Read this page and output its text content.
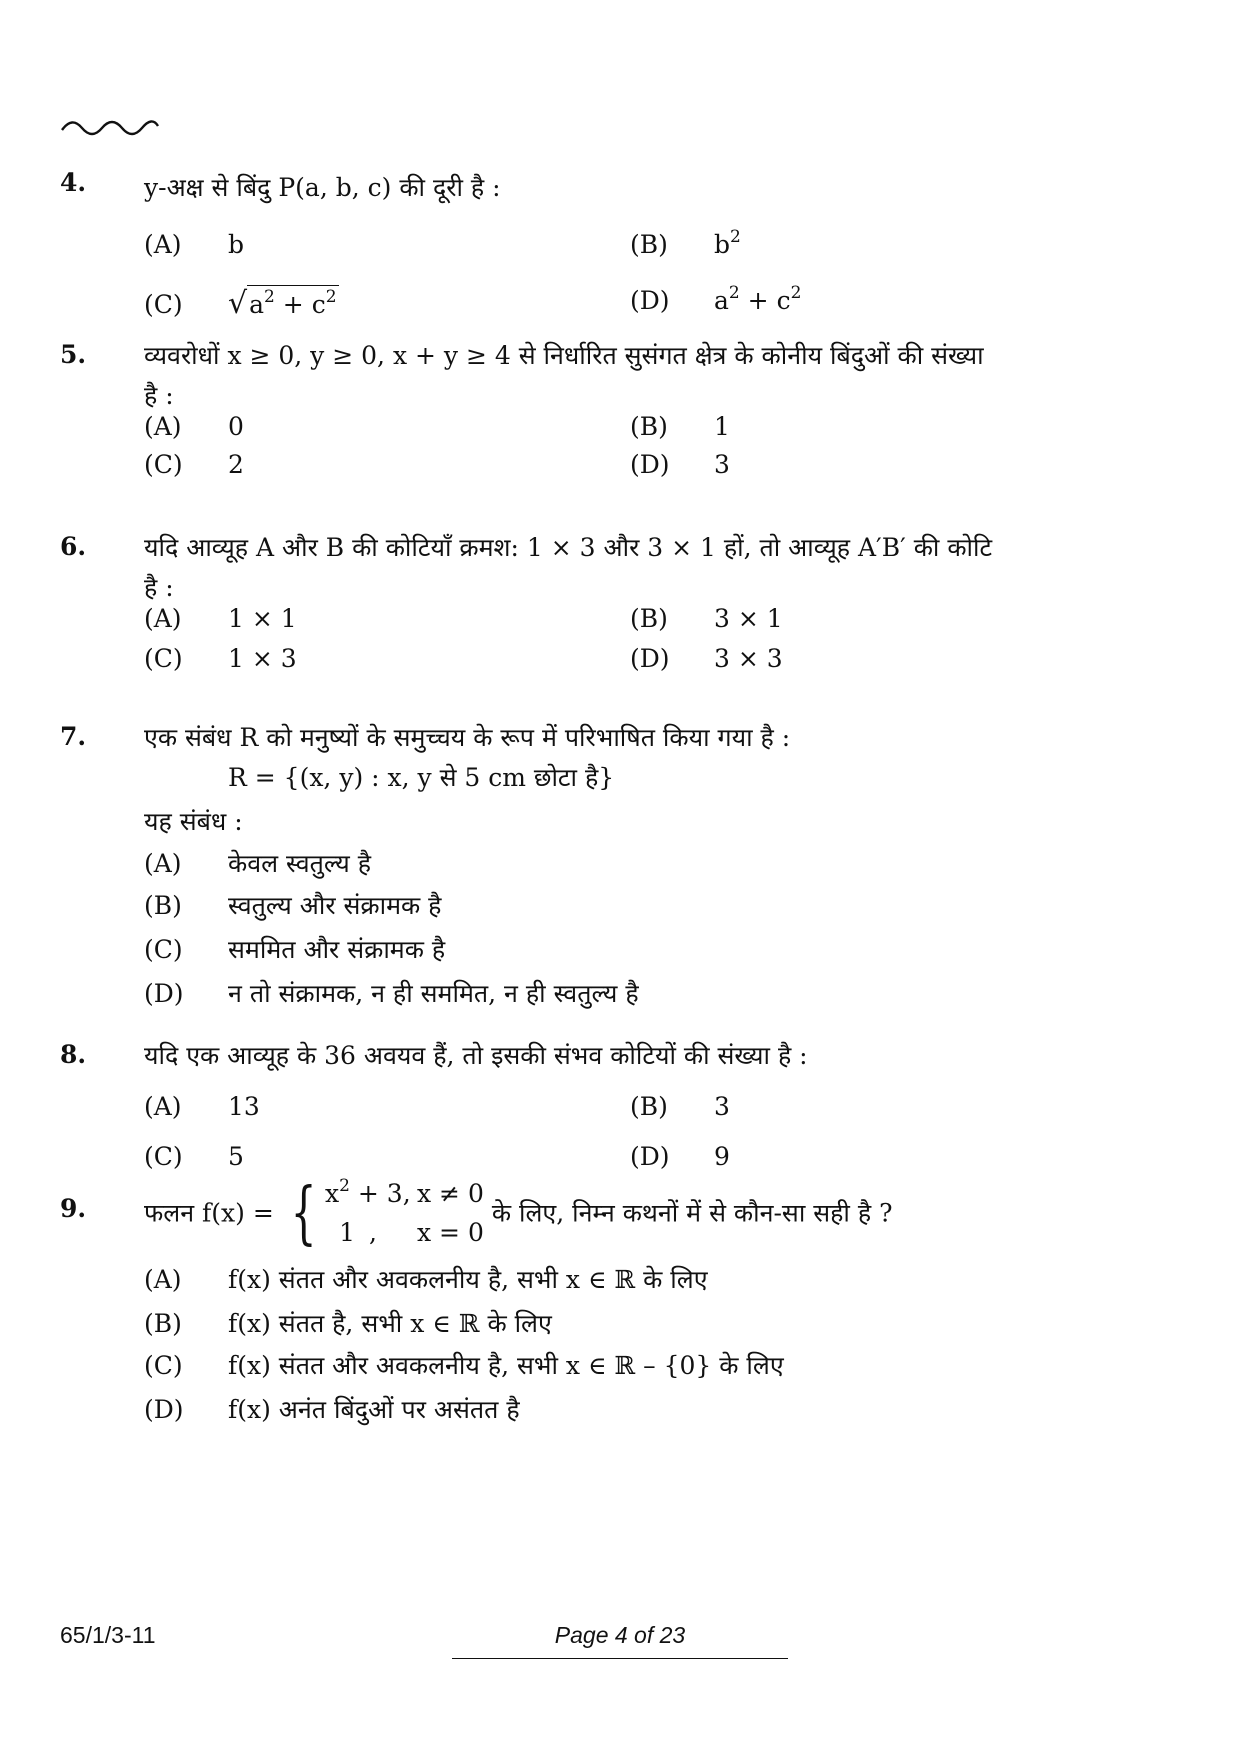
4. y-अक्ष से बिंदु P(a, b, c) की दूरी है :
(A) b	(B) $b^2$
(C) $√a^2 + c^2$	(D) $a^2 + c^2$
5. व्यवरोधों x ≥ 0, y ≥ 0, x + y ≥ 4 से निर्धारित सुसंगत क्षेत्र के कोनीय बिंदुओं की संख्या
है :
(A) 0	(B) 1
(C) 2	(D) 3
6. यदि आव्यूह A और B की कोटियाँ क्रमश: 1 × 3 और 3 × 1 हों, तो आव्यूह A′B′ की कोटि
है :
(A) 1 × 1	(B) 3 × 1
(C) 1 × 3	(D) 3 × 3
7. एक संबंध R को मनुष्यों के समुच्चय के रूप में परिभाषित किया गया है :
R = {(x, y) : x, y से 5 cm छोटा है}
यह संबंध :
(A) केवल स्वतुल्य है
(B) स्वतुल्य और संक्रामक है
(C) सममित और संक्रामक है
(D) न तो संक्रामक, न ही सममित, न ही स्वतुल्य है
8. यदि एक आव्यूह के 36 अवयव हैं, तो इसकी संभव कोटियों की संख्या है :
(A) 13	(B) 3
(C) 5	(D) 9
9. फलन f(x) = { $x^2 + 3$, x ≠ 0
1 , x = 0 के लिए, निम्न कथनों में से कौन-सा सही है ?
(A) f(x) संतत और अवकलनीय है, सभी x ∈ ℝ के लिए
(B) f(x) संतत है, सभी x ∈ ℝ के लिए
(C) f(x) संतत और अवकलनीय है, सभी x ∈ ℝ – {0} के लिए
(D) f(x) अनंत बिंदुओं पर असंतत है
65/1/3-11	Page 4 of 23
